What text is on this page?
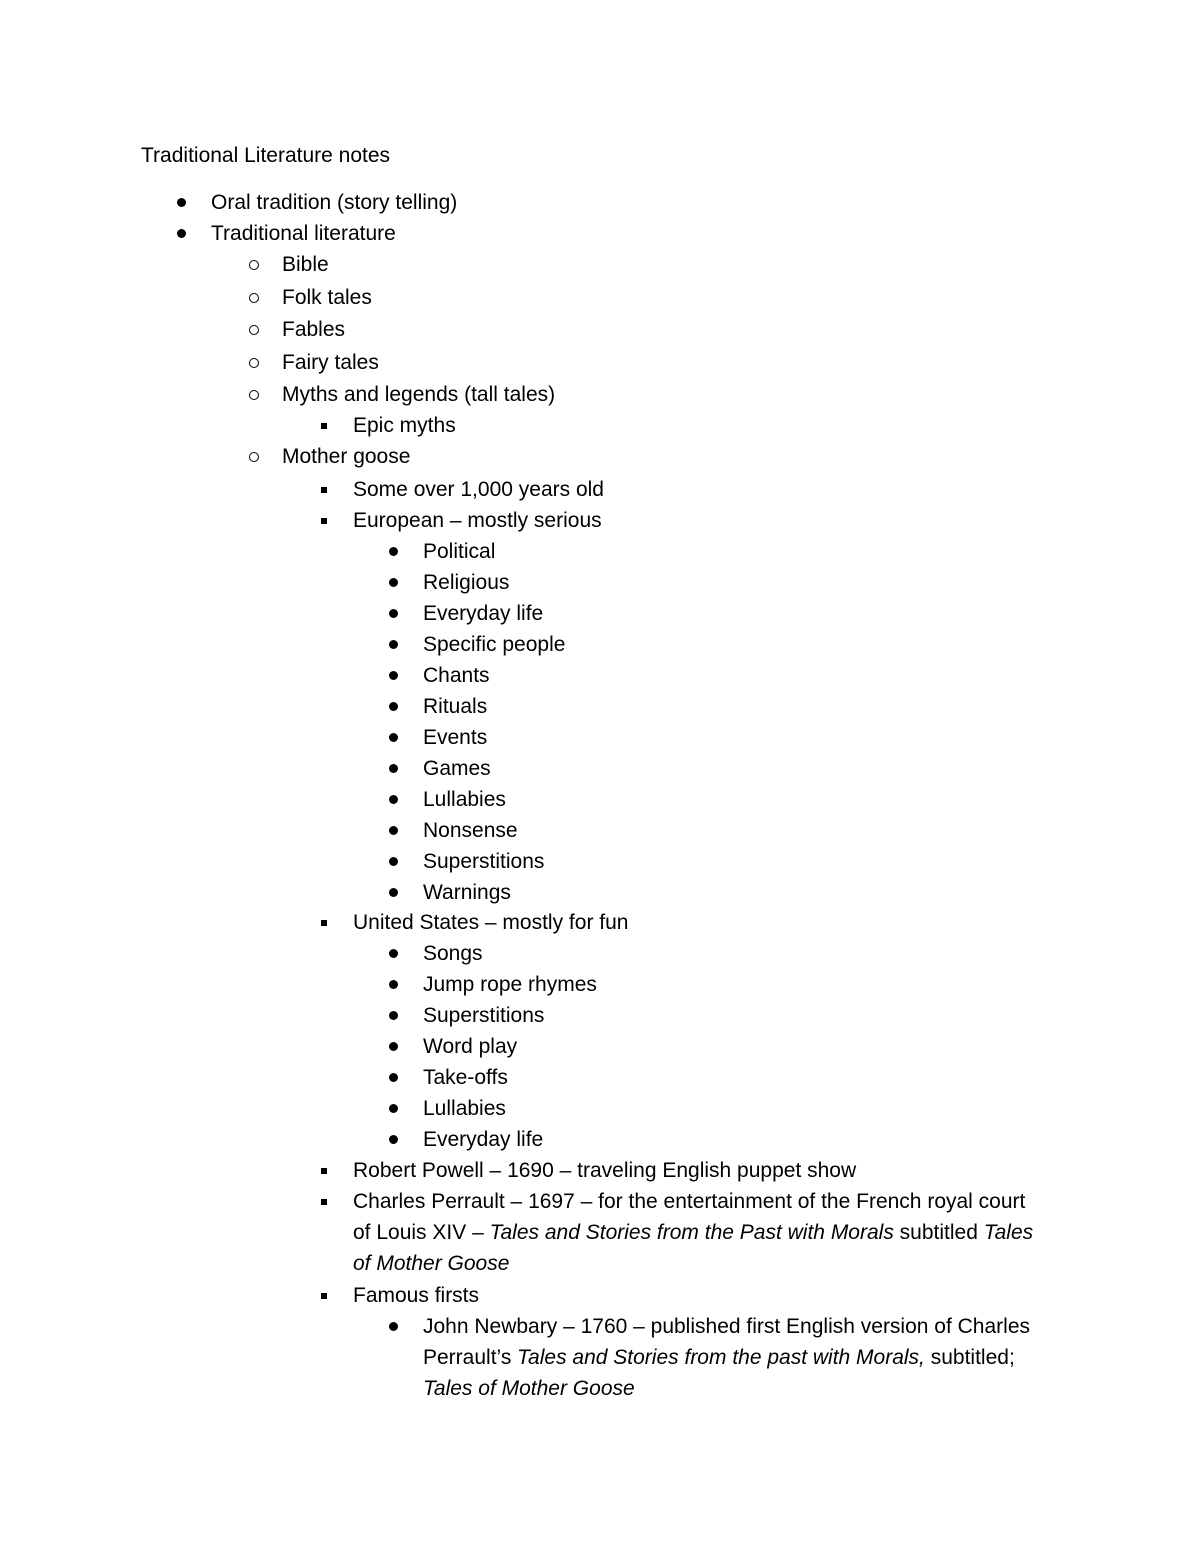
Traditional Literature notes
Oral tradition (story telling)
Traditional literature
Bible
Folk tales
Fables
Fairy tales
Myths and legends (tall tales)
Epic myths
Mother goose
Some over 1,000 years old
European – mostly serious
Political
Religious
Everyday life
Specific people
Chants
Rituals
Events
Games
Lullabies
Nonsense
Superstitions
Warnings
United States – mostly for fun
Songs
Jump rope rhymes
Superstitions
Word play
Take-offs
Lullabies
Everyday life
Robert Powell – 1690 – traveling English puppet show
Charles Perrault – 1697 – for the entertainment of the French royal court
of Louis XIV – Tales and Stories from the Past with Morals subtitled Tales
of Mother Goose
Famous firsts
John Newbary – 1760 – published first English version of Charles
Perrault’s Tales and Stories from the past with Morals, subtitled;
Tales of Mother Goose
